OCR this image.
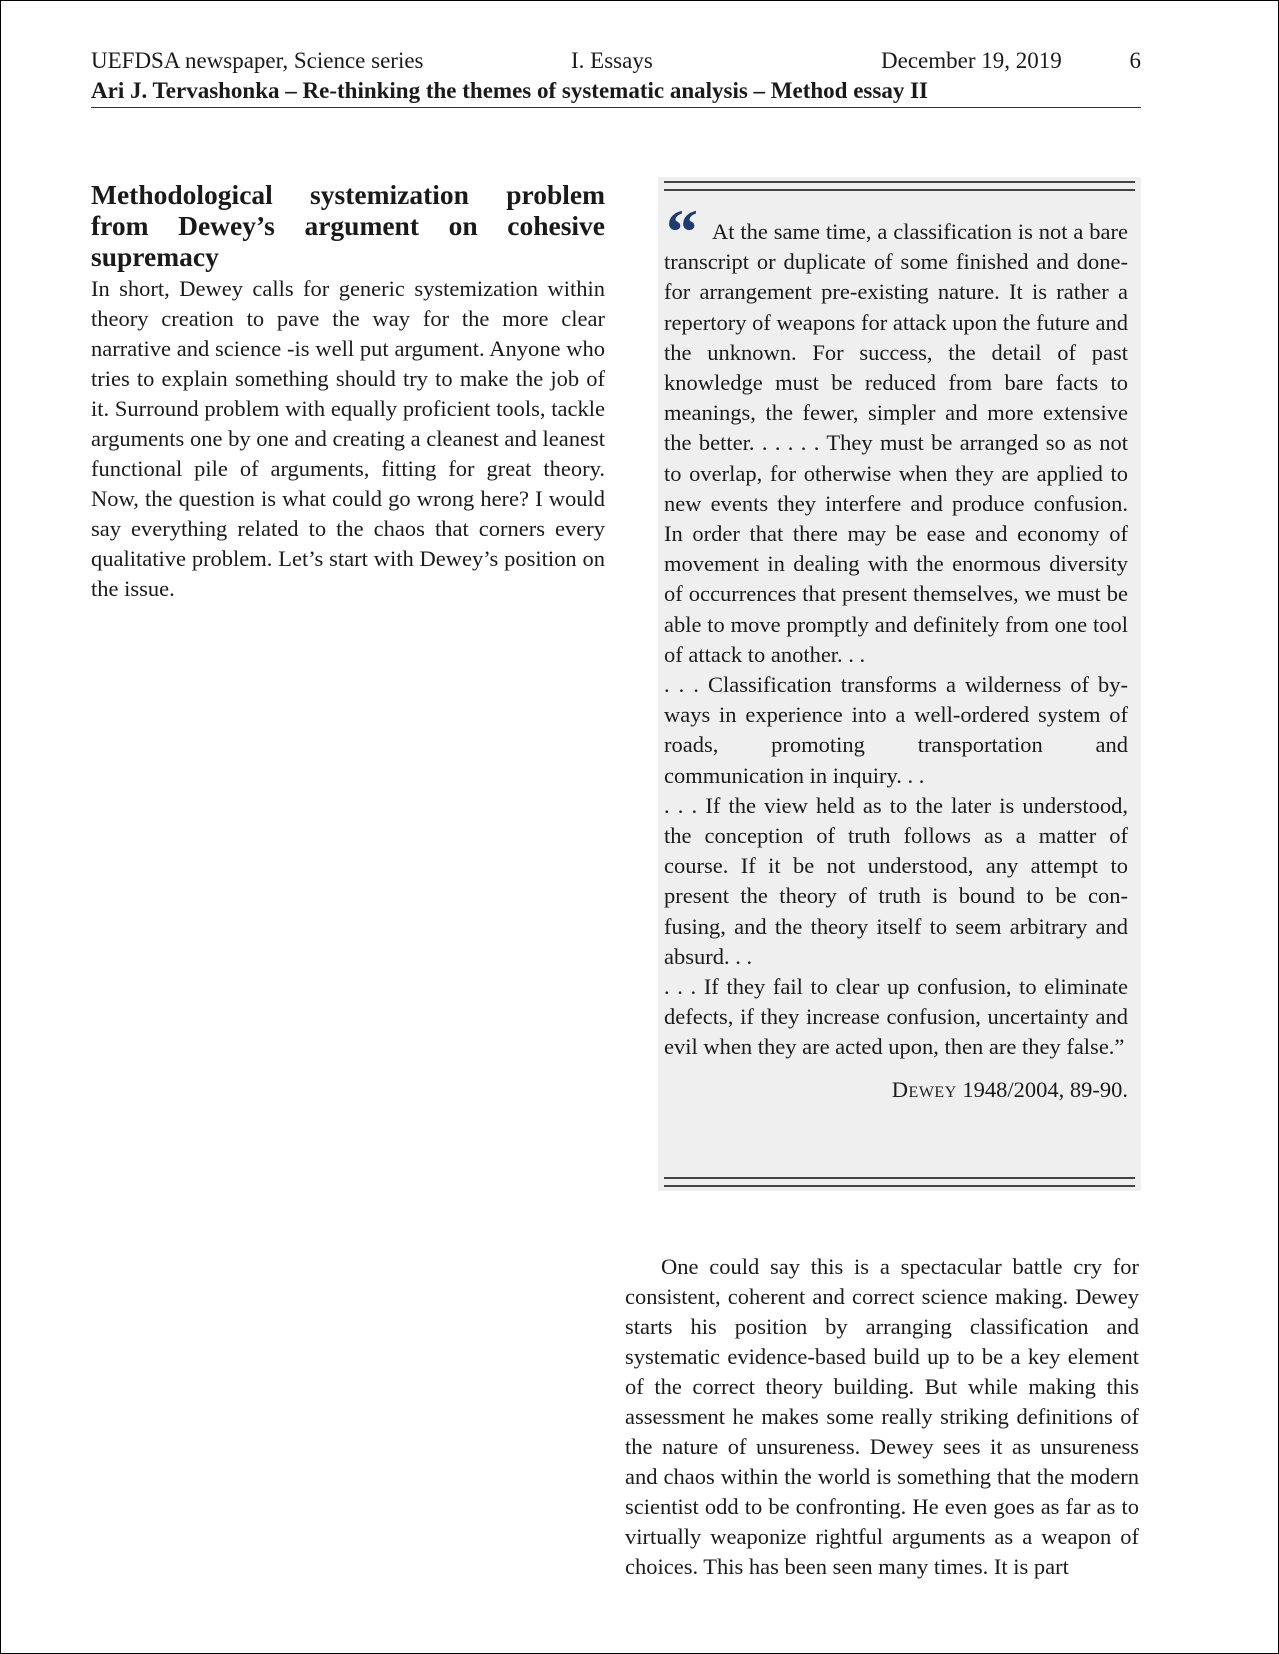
UEFDSA newspaper, Science series	I. Essays	December 19, 2019	6
Ari J. Tervashonka – Re-thinking the themes of systematic analysis – Method essay II
Methodological systemization problem from Dewey’s argument on cohesive supremacy

In short, Dewey calls for generic systemization within theory creation to pave the way for the more clear narrative and science -is well put argument. Anyone who tries to explain something should try to make the job of it. Surround problem with equally proficient tools, tackle arguments one by one and creating a cleanest and leanest functional pile of arguments, fitting for great theory. Now, the question is what could go wrong here? I would say everything related to the chaos that corners every qualitative problem. Let’s start with Dewey’s position on the issue.

“ At the same time, a classification is not a bare transcript or duplicate of some finished and done-for arrangement pre-existing nature. It is rather a repertory of weapons for attack upon the future and the unknown. For success, the detail of past knowledge must be reduced from bare facts to meanings, the fewer, simpler and more extensive the better. . . . . . They must be arranged so as not to overlap, for otherwise when they are applied to new events they interfere and produce confusion. In order that there may be ease and economy of movement in dealing with the enormous diversity of occurrences that present themselves, we must be able to move promptly and definitely from one tool of attack to another. . .

. . . Classification transforms a wilderness of by-ways in experience into a well-ordered system of roads, promoting transportation and communication in inquiry. . .

. . . If the view held as to the later is understood, the conception of truth follows as a matter of course. If it be not understood, any attempt to present the theory of truth is bound to be confusing, and the theory itself to seem arbitrary and absurd. . .

. . . If they fail to clear up confusion, to eliminate defects, if they increase confusion, uncertainty and evil when they are acted upon, then are they false.”

Dewey 1948/2004, 89-90.

One could say this is a spectacular battle cry for consistent, coherent and correct science making. Dewey starts his position by arranging classification and systematic evidence-based build up to be a key element of the correct theory building. But while making this assessment he makes some really striking definitions of the nature of unsureness. Dewey sees it as unsureness and chaos within the world is something that the modern scientist odd to be confronting. He even goes as far as to virtually weaponize rightful arguments as a weapon of choices. This has been seen many times. It is part
